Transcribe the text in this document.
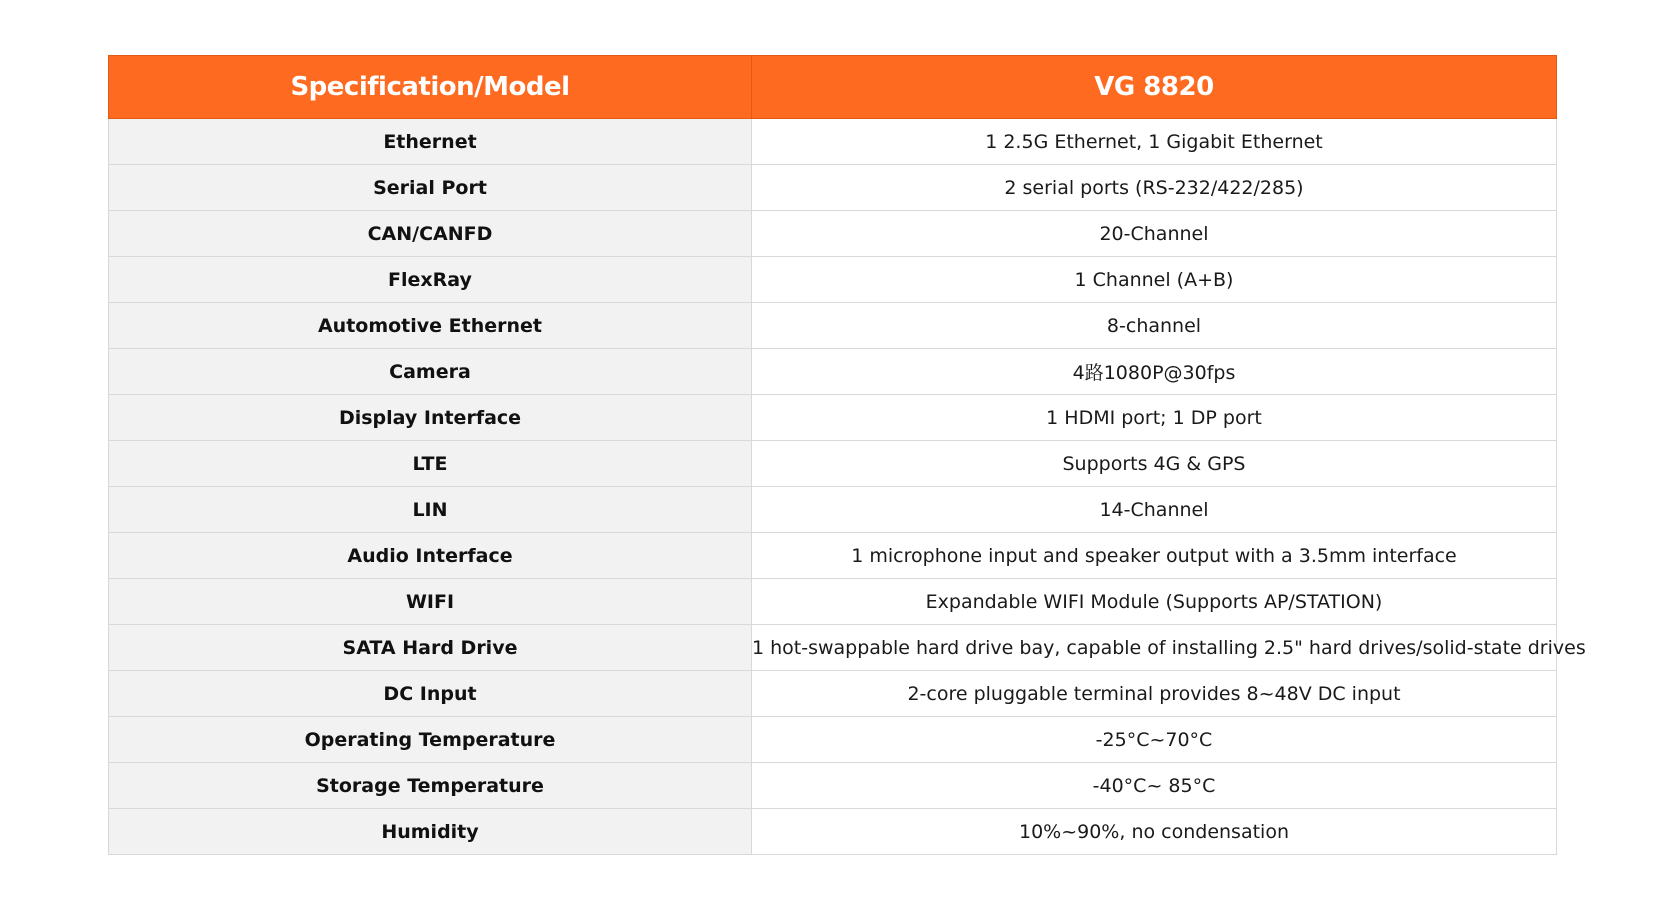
Specification/Model	VG 8820
Ethernet	1 2.5G Ethernet, 1 Gigabit Ethernet
Serial Port	2 serial ports (RS-232/422/285)
CAN/CANFD	20-Channel
FlexRay	1 Channel (A+B)
Automotive Ethernet	8-channel
Camera	4路1080P@30fps
Display Interface	1 HDMI port; 1 DP port
LTE	Supports 4G & GPS
LIN	14-Channel
Audio Interface	1 microphone input and speaker output with a 3.5mm interface
WIFI	Expandable WIFI Module (Supports AP/STATION)
SATA Hard Drive	1 hot-swappable hard drive bay, capable of installing 2.5" hard drives/solid-state drives
DC Input	2-core pluggable terminal provides 8~48V DC input
Operating Temperature	-25°C~70°C
Storage Temperature	-40°C~ 85°C
Humidity	10%~90%, no condensation
